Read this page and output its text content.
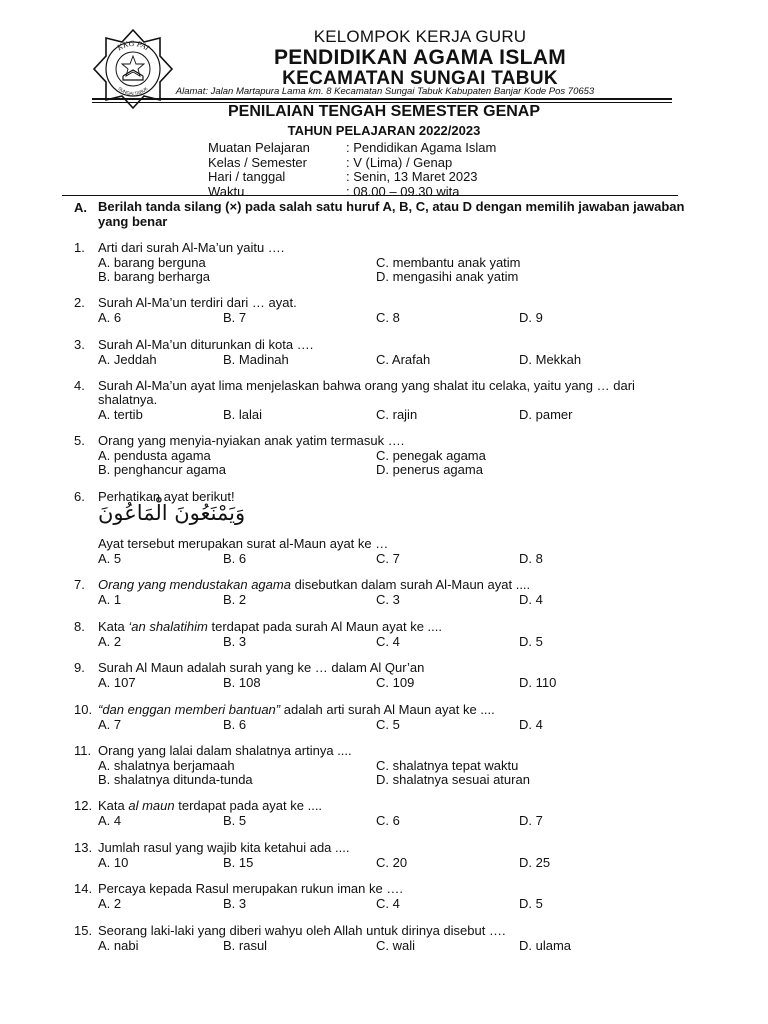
KKG PAI
SUNGAI TABUK
KELOMPOK KERJA GURU
PENDIDIKAN AGAMA ISLAM
KECAMATAN SUNGAI TABUK
Alamat: Jalan Martapura Lama km. 8 Kecamatan Sungai Tabuk Kabupaten Banjar Kode Pos 70653
PENILAIAN TENGAH SEMESTER GENAP
TAHUN PELAJARAN 2022/2023
Muatan Pelajaran	: Pendidikan Agama Islam
Kelas / Semester	: V (Lima) / Genap
Hari / tanggal	: Senin, 13 Maret 2023
Waktu	: 08.00 – 09.30 wita
A. Berilah tanda silang (×) pada salah satu huruf A, B, C, atau D dengan memilih jawaban jawaban yang benar
1. Arti dari surah Al-Ma’un yaitu ….
A. barang berguna	C. membantu anak yatim
B. barang berharga	D. mengasihi anak yatim
2. Surah Al-Ma’un terdiri dari … ayat.
A. 6	B. 7	C. 8	D. 9
3. Surah Al-Ma’un diturunkan di kota ….
A. Jeddah	B. Madinah	C. Arafah	D. Mekkah
4. Surah Al-Ma’un ayat lima menjelaskan bahwa orang yang shalat itu celaka, yaitu yang … dari shalatnya.
A. tertib	B. lalai	C. rajin	D. pamer
5. Orang yang menyia-nyiakan anak yatim termasuk ….
A. pendusta agama	C. penegak agama
B. penghancur agama	D. penerus agama
6. Perhatikan ayat berikut!
وَيَمْنَعُونَ الْمَاعُونَ
Ayat tersebut merupakan surat al-Maun ayat ke …
A. 5	B. 6	C. 7	D. 8
7. Orang yang mendustakan agama disebutkan dalam surah Al-Maun ayat ....
A. 1	B. 2	C. 3	D. 4
8. Kata ‘an shalatihim terdapat pada surah Al Maun ayat ke ....
A. 2	B. 3	C. 4	D. 5
9. Surah Al Maun adalah surah yang ke … dalam Al Qur’an
A. 107	B. 108	C. 109	D. 110
10. “dan enggan memberi bantuan” adalah arti surah Al Maun ayat ke ....
A. 7	B. 6	C. 5	D. 4
11. Orang yang lalai dalam shalatnya artinya ....
A. shalatnya berjamaah	C. shalatnya tepat waktu
B. shalatnya ditunda-tunda	D. shalatnya sesuai aturan
12. Kata al maun terdapat pada ayat ke ....
A. 4	B. 5	C. 6	D. 7
13. Jumlah rasul yang wajib kita ketahui ada ....
A. 10	B. 15	C. 20	D. 25
14. Percaya kepada Rasul merupakan rukun iman ke ….
A. 2	B. 3	C. 4	D. 5
15. Seorang laki-laki yang diberi wahyu oleh Allah untuk dirinya disebut ….
A. nabi	B. rasul	C. wali	D. ulama
